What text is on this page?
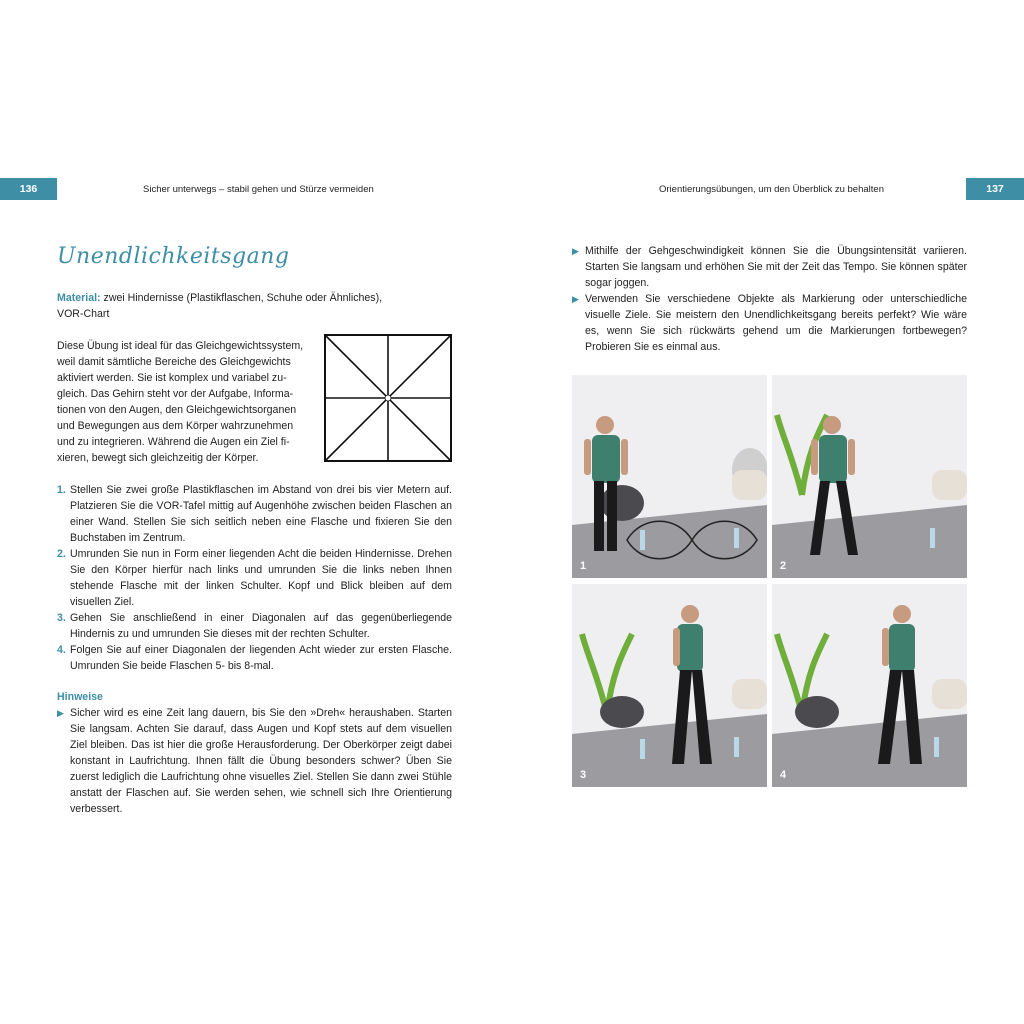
136	Sicher unterwegs – stabil gehen und Stürze vermeiden	Orientierungsübungen, um den Überblick zu behalten	137
Unendlichkeitsgang
Material: zwei Hindernisse (Plastikflaschen, Schuhe oder Ähnliches), VOR-Chart
Diese Übung ist ideal für das Gleichgewichtssystem,
weil damit sämtliche Bereiche des Gleichgewichts
aktiviert werden. Sie ist komplex und variabel zu-
gleich. Das Gehirn steht vor der Aufgabe, Informa-
tionen von den Augen, den Gleichgewichtsorganen
und Bewegungen aus dem Körper wahrzunehmen
und zu integrieren. Während die Augen ein Ziel fi-
xieren, bewegt sich gleichzeitig der Körper.
1. Stellen Sie zwei große Plastikflaschen im Abstand von drei bis vier Metern auf. Platzieren Sie die VOR-Tafel mittig auf Augenhöhe zwischen beiden Flaschen an einer Wand. Stellen Sie sich seitlich neben eine Flasche und fixieren Sie den Buchstaben im Zentrum.
2. Umrunden Sie nun in Form einer liegenden Acht die beiden Hindernisse. Drehen Sie den Körper hierfür nach links und umrunden Sie die links neben Ihnen stehende Flasche mit der linken Schulter. Kopf und Blick bleiben auf dem visuellen Ziel.
3. Gehen Sie anschließend in einer Diagonalen auf das gegenüberliegende Hindernis zu und umrunden Sie dieses mit der rechten Schulter.
4. Folgen Sie auf einer Diagonalen der liegenden Acht wieder zur ersten Flasche. Umrunden Sie beide Flaschen 5- bis 8-mal.
Hinweise
▶ Sicher wird es eine Zeit lang dauern, bis Sie den »Dreh« heraushaben. Starten Sie langsam. Achten Sie darauf, dass Augen und Kopf stets auf dem visuellen Ziel bleiben. Das ist hier die große Herausforderung. Der Oberkörper zeigt dabei konstant in Laufrichtung. Ihnen fällt die Übung besonders schwer? Üben Sie zuerst lediglich die Laufrichtung ohne visuelles Ziel. Stellen Sie dann zwei Stühle anstatt der Flaschen auf. Sie werden sehen, wie schnell sich Ihre Orientierung verbessert.
▶ Mithilfe der Gehgeschwindigkeit können Sie die Übungsintensität variieren. Starten Sie langsam und erhöhen Sie mit der Zeit das Tempo. Sie können später sogar joggen.
▶ Verwenden Sie verschiedene Objekte als Markierung oder unterschiedliche visuelle Ziele. Sie meistern den Unendlichkeitsgang bereits perfekt? Wie wäre es, wenn Sie sich rückwärts gehend um die Markierungen fortbewegen? Probieren Sie es einmal aus.
1	2
3	4
